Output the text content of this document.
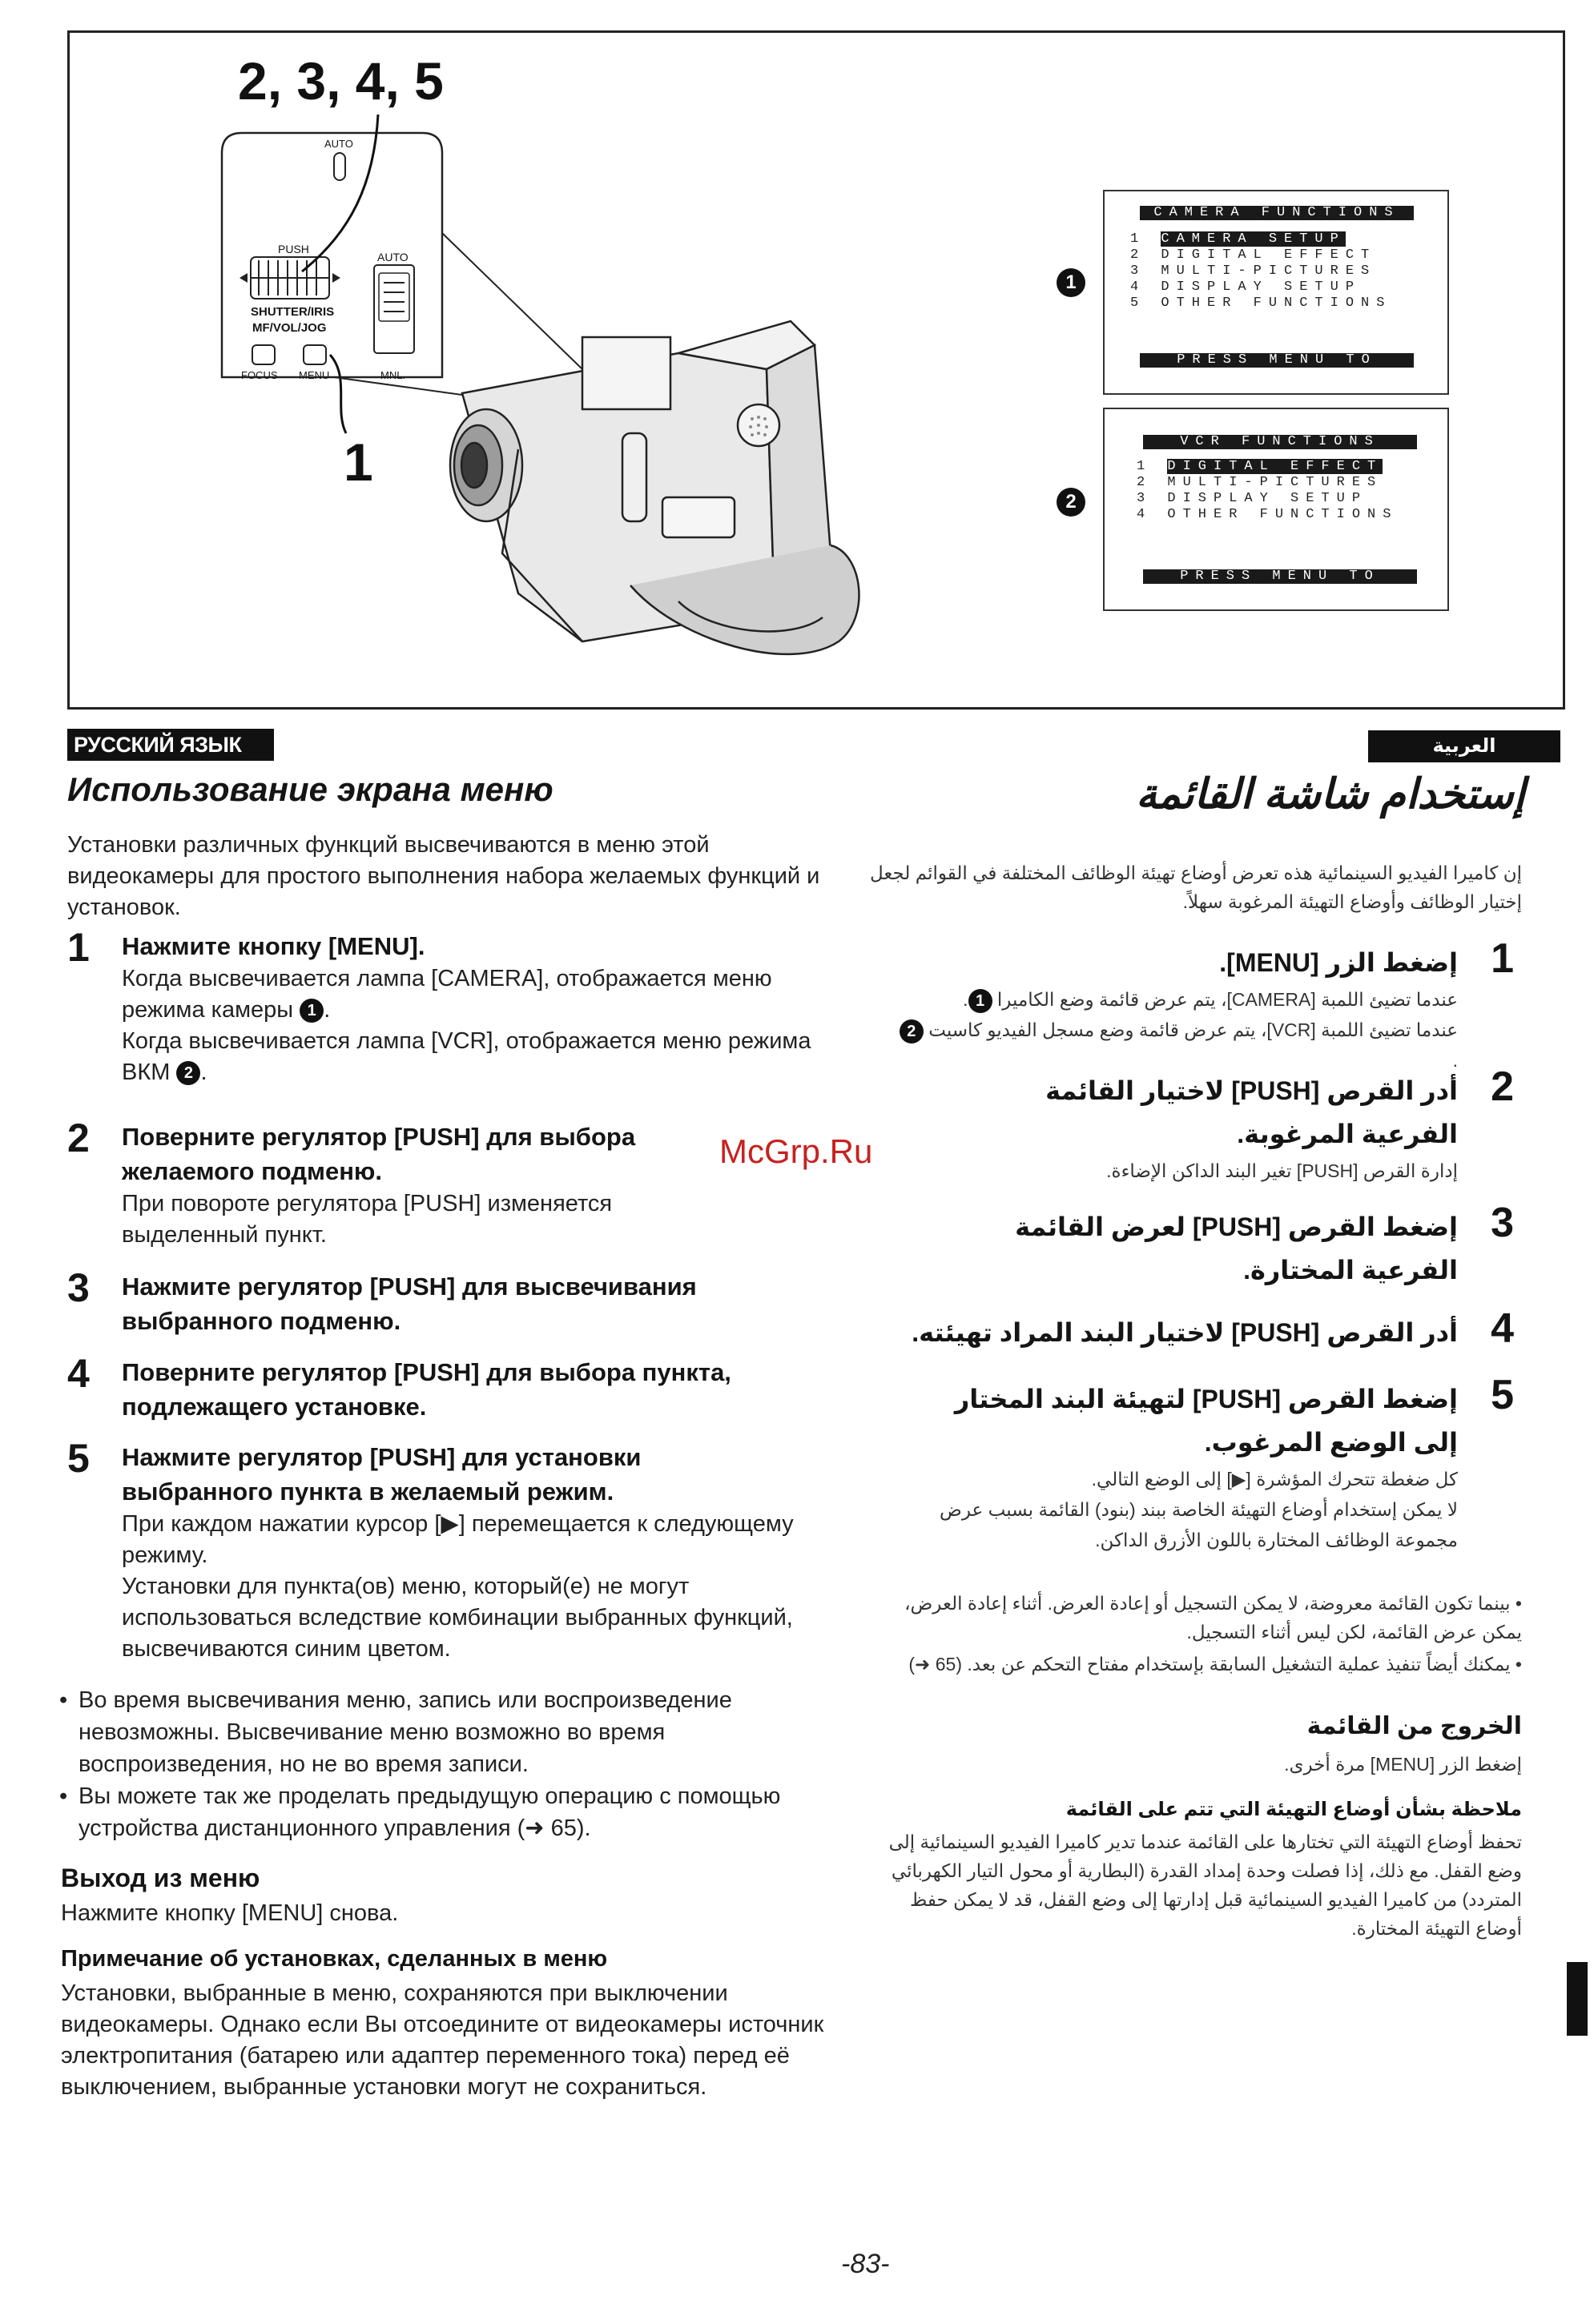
2, 3, 4, 5
1
AUTO
PUSH
AUTO
SHUTTER/IRIS
MF/VOL/JOG
FOCUS MENU	MNL.
1
CAMERA FUNCTIONS
1 CAMERA SETUP
2 DIGITAL EFFECT
3 MULTI-PICTURES
4 DISPLAY SETUP
5 OTHER FUNCTIONS
PRESS MENU TO EXIT
2
VCR FUNCTIONS
1 DIGITAL EFFECT
2 MULTI-PICTURES
3 DISPLAY SETUP
4 OTHER FUNCTIONS
PRESS MENU TO EXIT
РУССКИЙ ЯЗЫК
Использование экрана меню
Установки различных функций высвечиваются в меню этой видеокамеры для простого выполнения набора желаемых функций и установок.
1 Нажмите кнопку [MENU].
Когда высвечивается лампа [CAMERA], отображается меню режима камеры 1 .
Когда высвечивается лампа [VCR], отображается меню режима ВКМ 2 .
2 Поверните регулятор [PUSH] для выбора желаемого подменю.
При повороте регулятора [PUSH] изменяется выделенный пункт.
3 Нажмите регулятор [PUSH] для высвечивания выбранного подменю.
4 Поверните регулятор [PUSH] для выбора пункта, подлежащего установке.
5 Нажмите регулятор [PUSH] для установки выбранного пункта в желаемый режим.
При каждом нажатии курсор [▶] перемещается к следующему режиму.
Установки для пункта(ов) меню, который(е) не могут использоваться вследствие комбинации выбранных функций, высвечиваются синим цветом.
• Во время высвечивания меню, запись или воспроизведение невозможны. Высвечивание меню возможно во время воспроизведения, но не во время записи.
• Вы можете так же проделать предыдущую операцию с помощью устройства дистанционного управления (➜ 65).
Выход из меню
Нажмите кнопку [MENU] снова.
Примечание об установках, сделанных в меню
Установки, выбранные в меню, сохраняются при выключении видеокамеры. Однако если Вы отсоедините от видеокамеры источник электропитания (батарею или адаптер переменного тока) перед её выключением, выбранные установки могут не сохраниться.
العربية
إستخدام شاشة القائمة
إن كاميرا الفيديو السينمائية هذه تعرض أوضاع تهيئة الوظائف المختلفة في القوائم لجعل إختيار الوظائف وأوضاع التهيئة المرغوبة سهلاً.
1
إضغط الزر [MENU].
عندما تضيئ اللمبة [CAMERA]، يتم عرض قائمة وضع الكاميرا 1.
عندما تضيئ اللمبة [VCR]، يتم عرض قائمة وضع مسجل الفيديو كاسيت 2.
2
أدر القرص [PUSH] لاختيار القائمة الفرعية المرغوبة.
إدارة القرص [PUSH] تغير البند الداكن الإضاءة.
3
إضغط القرص [PUSH] لعرض القائمة الفرعية المختارة.
4
أدر القرص [PUSH] لاختيار البند المراد تهيئته.
5
إضغط القرص [PUSH] لتهيئة البند المختار إلى الوضع المرغوب.
كل ضغطة تتحرك المؤشرة [▶] إلى الوضع التالي.
لا يمكن إستخدام أوضاع التهيئة الخاصة ببند (بنود) القائمة بسبب عرض مجموعة الوظائف المختارة باللون الأزرق الداكن.
• بينما تكون القائمة معروضة، لا يمكن التسجيل أو إعادة العرض. أثناء إعادة العرض، يمكن عرض القائمة، لكن ليس أثناء التسجيل.
• يمكنك أيضاً تنفيذ عملية التشغيل السابقة بإستخدام مفتاح التحكم عن بعد. (65 ➜)
الخروج من القائمة
إضغط الزر [MENU] مرة أخرى.
ملاحظة بشأن أوضاع التهيئة التي تتم على القائمة
تحفظ أوضاع التهيئة التي تختارها على القائمة عندما تدير كاميرا الفيديو السينمائية إلى وضع القفل. مع ذلك، إذا فصلت وحدة إمداد القدرة (البطارية أو محول التيار الكهربائي المتردد) من كاميرا الفيديو السينمائية قبل إدارتها إلى وضع القفل، قد لا يمكن حفظ أوضاع التهيئة المختارة.
McGrp.Ru
-83-
